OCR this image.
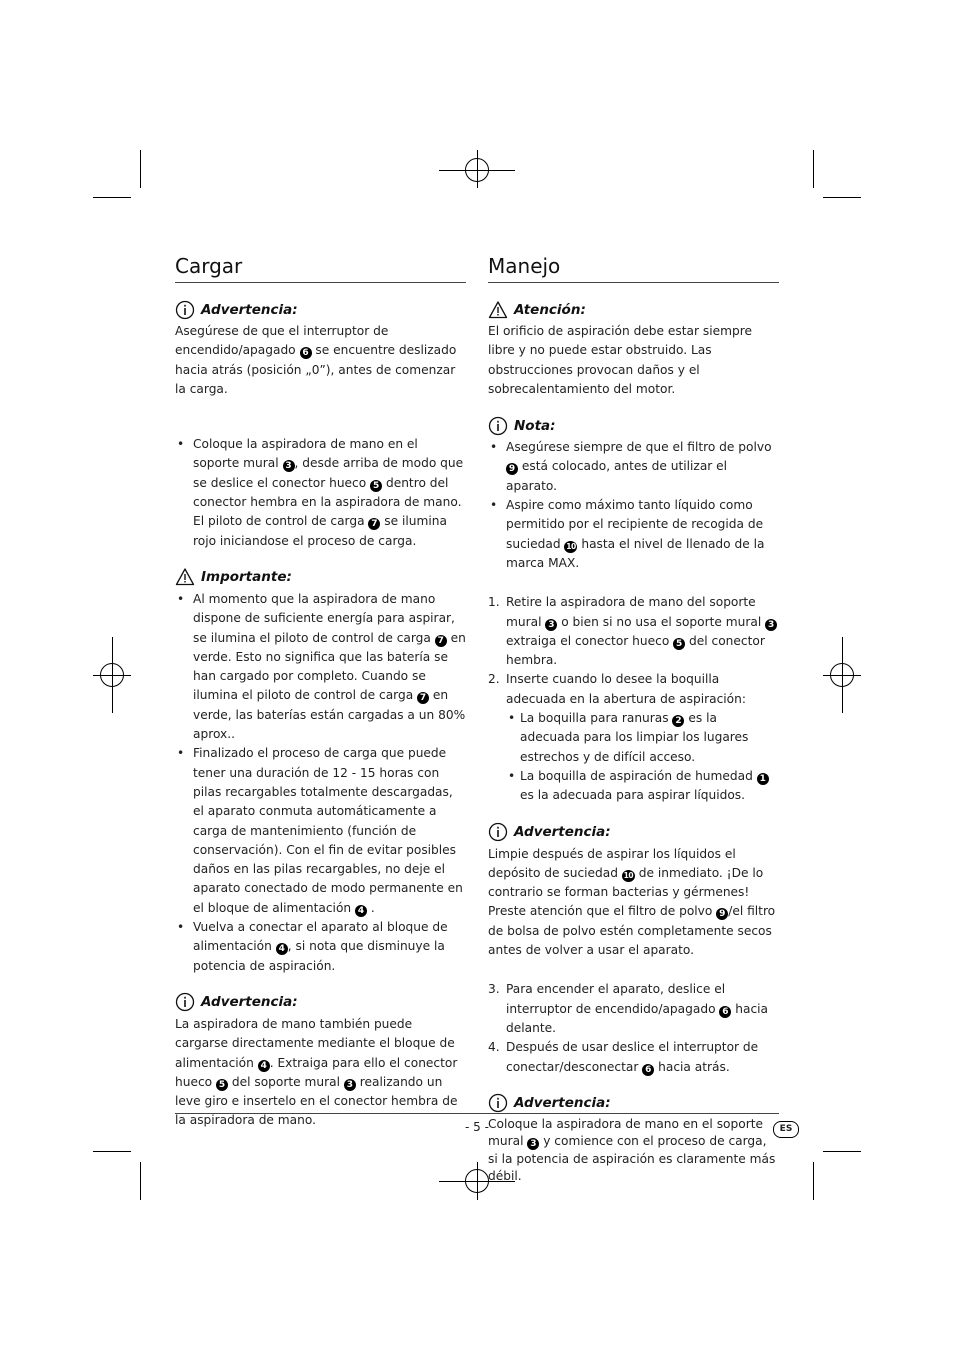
Cargar
Advertencia:

Asegúrese de que el interruptor de encendido/apagado 6 se encuentre deslizado hacia atrás (posición „0”), antes de comenzar la carga.

• Coloque la aspiradora de mano en el soporte mural 3 , desde arriba de modo que se deslice el conector hueco 5 dentro del conector hembra en la aspiradora de mano. El piloto de control de carga 7 se ilumina rojo iniciandose el proceso de carga.
Importante:
• Al momento que la aspiradora de mano dispone de suficiente energía para aspirar, se ilumina el piloto de control de carga 7 en verde. Esto no significa que las batería se han cargado por completo. Cuando se ilumina el piloto de control de carga 7 en verde, las baterías están cargadas a un 80% aprox..
• Finalizado el proceso de carga que puede tener una duración de 12 - 15 horas con pilas recargables totalmente descargadas, el aparato conmuta automáticamente a carga de mantenimiento (función de conservación). Con el fin de evitar posibles daños en las pilas recargables, no deje el aparato conectado de modo permanente en el bloque de alimentación 4 .
• Vuelva a conectar el aparato al bloque de alimentación 4 , si nota que disminuye la potencia de aspiración.
Advertencia:

La aspiradora de mano también puede cargarse directamente mediante el bloque de alimentación 4 . Extraiga para ello el conector hueco 5 del soporte mural 3 realizando un leve giro e insertelo en el conector hembra de la aspiradora de mano.

Manejo
Atención:

El orificio de aspiración debe estar siempre libre y no puede estar obstruido. Las obstrucciones provocan daños y el sobrecalentamiento del motor.

Nota:
• Asegúrese siempre de que el filtro de polvo 9 está colocado, antes de utilizar el aparato.
• Aspire como máximo tanto líquido como permitido por el recipiente de recogida de suciedad 10 hasta el nivel de llenado de la marca MAX.
1. Retire la aspiradora de mano del soporte mural 3 o bien si no usa el soporte mural 3 extraiga el conector hueco 5 del conector hembra.
2. Inserte cuando lo desee la boquilla adecuada en la abertura de aspiración:
• La boquilla para ranuras 2 es la adecuada para los limpiar los lugares estrechos y de difícil acceso.
• La boquilla de aspiración de humedad 1 es la adecuada para aspirar líquidos.
Advertencia:

Limpie después de aspirar los líquidos el depósito de suciedad 10 de inmediato. ¡De lo contrario se forman bacterias y gérmenes! Preste atención que el filtro de polvo 9 /el filtro de bolsa de polvo estén completamente secos antes de volver a usar el aparato.

3. Para encender el aparato, deslice el interruptor de encendido/apagado 6 hacia delante.
4. Después de usar deslice el interruptor de conectar/desconectar 6 hacia atrás.
Advertencia:

Coloque la aspiradora de mano en el soporte mural 3 y comience con el proceso de carga, si la potencia de aspiración es claramente más débil.

- 5 -	ES
